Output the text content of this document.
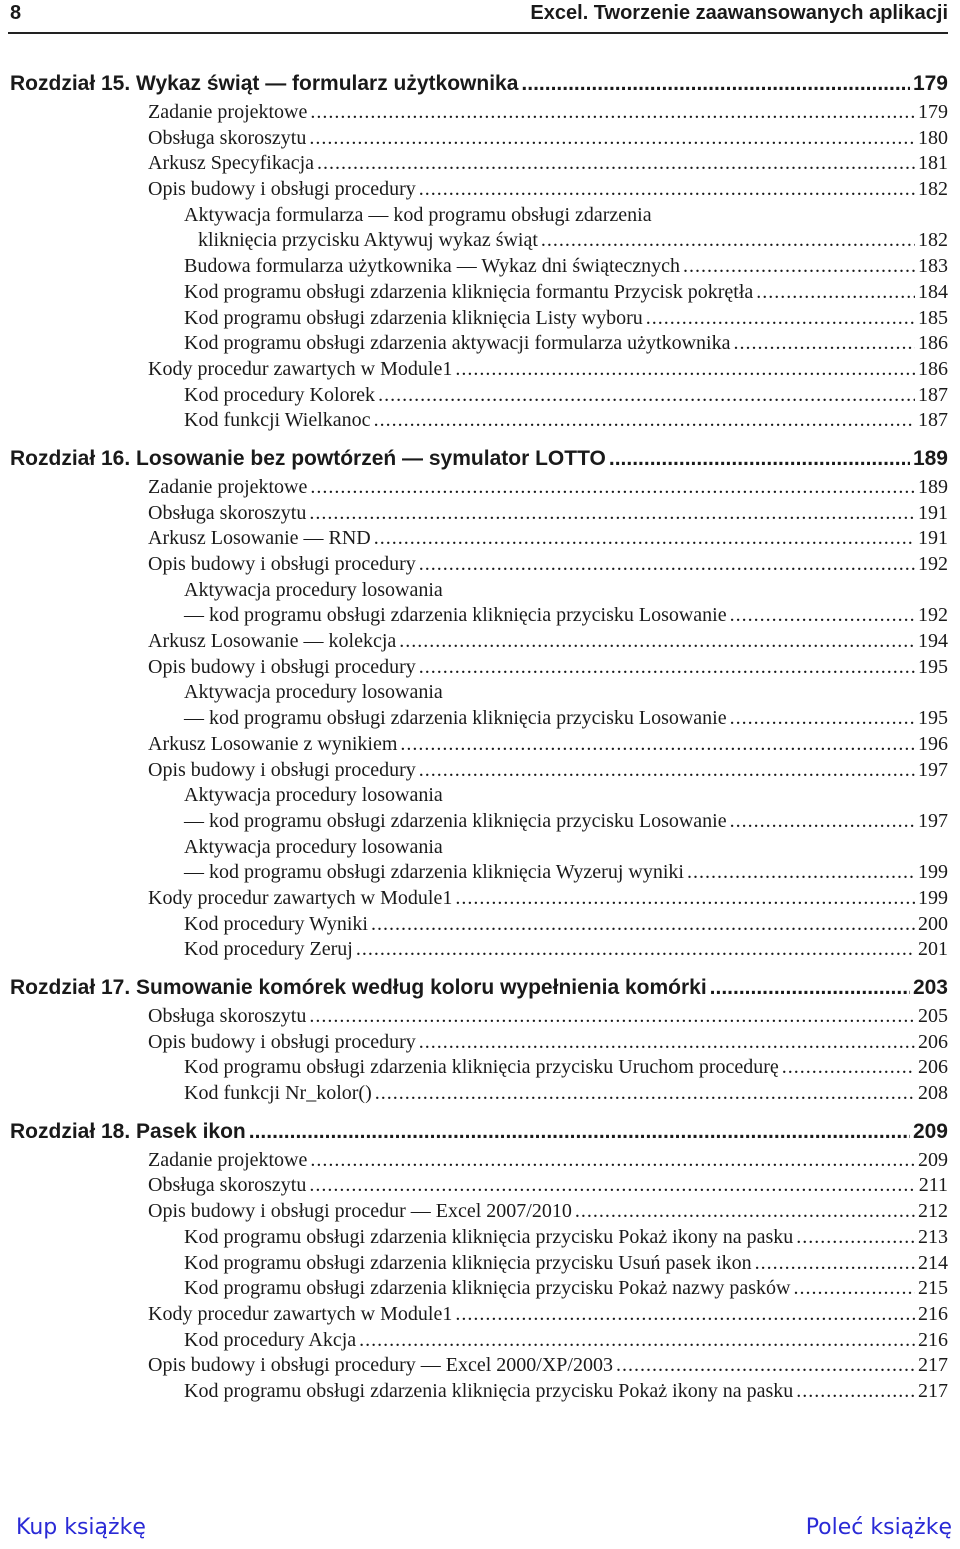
8	Excel. Tworzenie zaawansowanych aplikacji
Rozdział 15. Wykaz świąt — formularz użytkownika .....	179
Zadanie projektowe .....	179
Obsługa skoroszytu .....	180
Arkusz Specyfikacja .....	181
Opis budowy i obsługi procedury .....	182
Aktywacja formularza — kod programu obsługi zdarzenia
kliknięcia przycisku Aktywuj wykaz świąt .....	182
Budowa formularza użytkownika — Wykaz dni świątecznych .....	183
Kod programu obsługi zdarzenia kliknięcia formantu Przycisk pokrętła .....	184
Kod programu obsługi zdarzenia kliknięcia Listy wyboru .....	185
Kod programu obsługi zdarzenia aktywacji formularza użytkownika .....	186
Kody procedur zawartych w Module1 .....	186
Kod procedury Kolorek .....	187
Kod funkcji Wielkanoc .....	187
Rozdział 16. Losowanie bez powtórzeń — symulator LOTTO .....	189
Zadanie projektowe .....	189
Obsługa skoroszytu .....	191
Arkusz Losowanie — RND .....	191
Opis budowy i obsługi procedury .....	192
Aktywacja procedury losowania
— kod programu obsługi zdarzenia kliknięcia przycisku Losowanie .....	192
Arkusz Losowanie — kolekcja .....	194
Opis budowy i obsługi procedury .....	195
Aktywacja procedury losowania
— kod programu obsługi zdarzenia kliknięcia przycisku Losowanie .....	195
Arkusz Losowanie z wynikiem .....	196
Opis budowy i obsługi procedury .....	197
Aktywacja procedury losowania
— kod programu obsługi zdarzenia kliknięcia przycisku Losowanie .....	197
Aktywacja procedury losowania
— kod programu obsługi zdarzenia kliknięcia Wyzeruj wyniki .....	199
Kody procedur zawartych w Module1 .....	199
Kod procedury Wyniki .....	200
Kod procedury Zeruj .....	201
Rozdział 17. Sumowanie komórek według koloru wypełnienia komórki .....	203
Obsługa skoroszytu .....	205
Opis budowy i obsługi procedury .....	206
Kod programu obsługi zdarzenia kliknięcia przycisku Uruchom procedurę .....	206
Kod funkcji Nr_kolor() .....	208
Rozdział 18. Pasek ikon .....	209
Zadanie projektowe .....	209
Obsługa skoroszytu .....	211
Opis budowy i obsługi procedur — Excel 2007/2010 .....	212
Kod programu obsługi zdarzenia kliknięcia przycisku Pokaż ikony na pasku .....	213
Kod programu obsługi zdarzenia kliknięcia przycisku Usuń pasek ikon .....	214
Kod programu obsługi zdarzenia kliknięcia przycisku Pokaż nazwy pasków .....	215
Kody procedur zawartych w Module1 .....	216
Kod procedury Akcja .....	216
Opis budowy i obsługi procedury — Excel 2000/XP/2003 .....	217
Kod programu obsługi zdarzenia kliknięcia przycisku Pokaż ikony na pasku .....	217
Kup książkę	Poleć książkę
